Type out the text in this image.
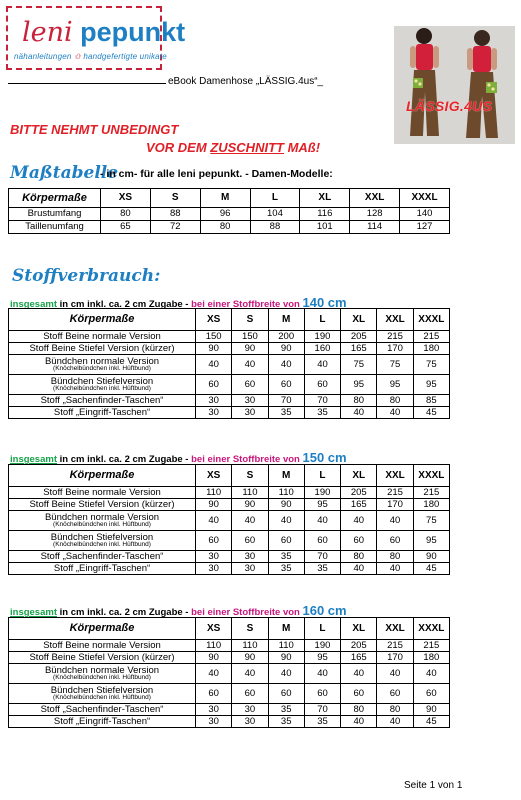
leni pepunkt
nähanleitungen ✩ handgefertigte unikate
eBook Damenhose „LÄSSIG.4us“_
LÄSSIG.4US
BITTE NEHMT UNBEDINGT
VOR DEM ZUSCHNITT MAß!
Maßtabelle
- in cm- für alle leni pepunkt. - Damen-Modelle:
Körpermaße	XS	S	M	L	XL	XXL	XXXL
Brustumfang	80	88	96	104	116	128	140
Taillenumfang	65	72	80	88	101	114	127
Stoffverbrauch:
insgesamt in cm inkl. ca. 2 cm Zugabe - bei einer Stoffbreite von 140 cm
Körpermaße	XS	S	M	L	XL	XXL	XXXL
Stoff Beine normale Version	150	150	200	190	205	215	215
Stoff Beine Stiefel Version (kürzer)	90	90	90	160	165	170	180
Bündchen normale Version
(Knöchelbündchen inkl. Hüftbund)	40	40	40	40	75	75	75
Bündchen Stiefelversion
(Knöchelbündchen inkl. Hüftbund)	60	60	60	60	95	95	95
Stoff „Sachenfinder-Taschen“	30	30	70	70	80	80	85
Stoff „Eingriff-Taschen“	30	30	35	35	40	40	45
insgesamt in cm inkl. ca. 2 cm Zugabe - bei einer Stoffbreite von 150 cm
Körpermaße	XS	S	M	L	XL	XXL	XXXL
Stoff Beine normale Version	110	110	110	190	205	215	215
Stoff Beine Stiefel Version (kürzer)	90	90	90	95	165	170	180
Bündchen normale Version
(Knöchelbündchen inkl. Hüftbund)	40	40	40	40	40	40	75
Bündchen Stiefelversion
(Knöchelbündchen inkl. Hüftbund)	60	60	60	60	60	60	95
Stoff „Sachenfinder-Taschen“	30	30	35	70	80	80	90
Stoff „Eingriff-Taschen“	30	30	35	35	40	40	45
insgesamt in cm inkl. ca. 2 cm Zugabe - bei einer Stoffbreite von 160 cm
Körpermaße	XS	S	M	L	XL	XXL	XXXL
Stoff Beine normale Version	110	110	110	190	205	215	215
Stoff Beine Stiefel Version (kürzer)	90	90	90	95	165	170	180
Bündchen normale Version
(Knöchelbündchen inkl. Hüftbund)	40	40	40	40	40	40	40
Bündchen Stiefelversion
(Knöchelbündchen inkl. Hüftbund)	60	60	60	60	60	60	60
Stoff „Sachenfinder-Taschen“	30	30	35	70	80	80	90
Stoff „Eingriff-Taschen“	30	30	35	35	40	40	45
Seite 1 von 1
